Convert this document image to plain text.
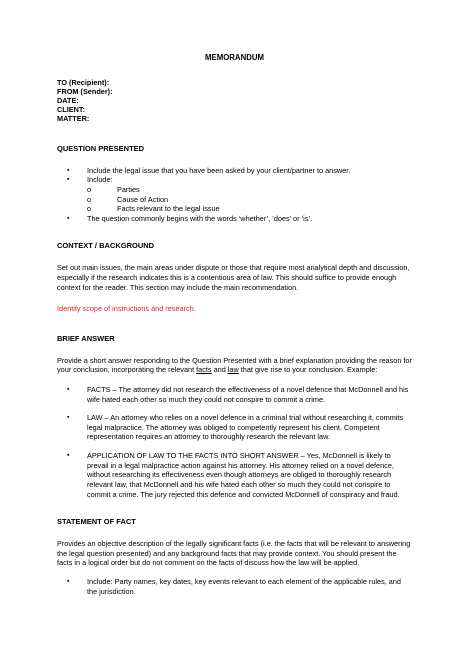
MEMORANDUM
TO (Recipient):
FROM (Sender):
DATE:
CLIENT:
MATTER:
QUESTION PRESENTED
▪ Include the legal issue that you have been asked by your client/partner to answer.
▪ Include:
o Parties
o Cause of Action
o Facts relevant to the legal issue
▪ The question commonly begins with the words ‘whether’, ‘does’ or ‘is’.
CONTEXT / BACKGROUND

Set out main issues, the main areas under dispute or those that require most analytical depth and discussion, especially if the research indicates this is a contentious area of law. This should suffice to provide enough context for the reader. This section may include the main recommendation.

Identify scope of instructions and research.

BRIEF ANSWER

Provide a short answer responding to the Question Presented with a brief explanation providing the reason for your conclusion, incorporating the relevant facts and law that give rise to your conclusion. Example:

▪ FACTS – The attorney did not research the effectiveness of a novel defence that McDonnell and his wife hated each other so much they could not conspire to commit a crime.
▪ LAW – An attorney who relies on a novel defence in a criminal trial without researching it, commits legal malpractice. The attorney was obliged to competently represent his client. Competent representation requires an attorney to thoroughly research the relevant law.
▪ APPLICATION OF LAW TO THE FACTS INTO SHORT ANSWER – Yes, McDonnell is likely to prevail in a legal malpractice action against his attorney. His attorney relied on a novel defence, without researching its effectiveness even though attorneys are obliged to thoroughly research relevant law, that McDonnell and his wife hated each other so much they could not conspire to commit a crime. The jury rejected this defence and convicted McDonnell of conspiracy and fraud.
STATEMENT OF FACT

Provides an objective description of the legally significant facts (i.e. the facts that will be relevant to answering the legal question presented) and any background facts that may provide context. You should present the facts in a logical order but do not comment on the facts of discuss how the law will be applied.

▪ Include: Party names, key dates, key events relevant to each element of the applicable rules, and the jurisdiction.
